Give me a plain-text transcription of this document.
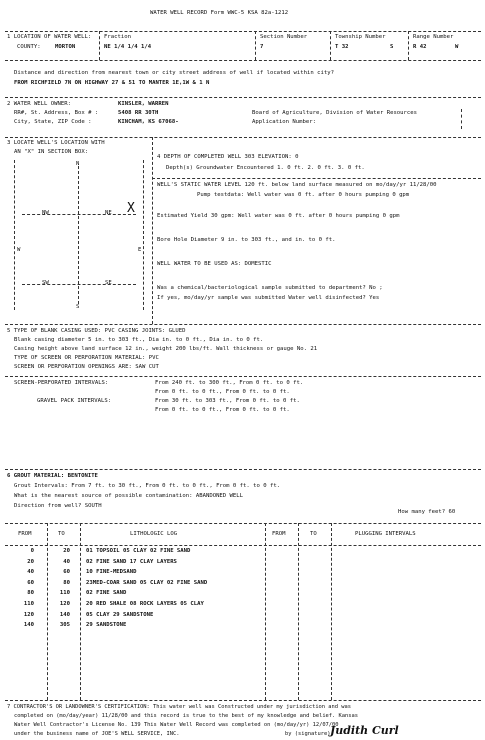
WATER WELL RECORD Form WWC-5 KSA 82a-1212
1 LOCATION OF WATER WELL:
COUNTY:	MORTON
Fraction
NE 1/4 1/4 1/4
Section Number
7
Township Number
T 32	S
Range Number
R 42	W
Distance and direction from nearest town or city street address of well if located within city?
FROM RICHFIELD 7N ON HIGHWAY 27 & 51 TO MANTER 1E,1W & 1 N
2 WATER WELL OWNER:	KINSLER, WARREN
RR#, St. Address, Box # :	5408 RR 30TH
City, State, ZIP Code :	KINCHAM, KS 67068-
Board of Agriculture, Division of Water Resources
Application Number:
3 LOCATE WELL'S LOCATION WITH
AN "X" IN SECTION BOX:
NW	NE
SW	SE
N
S
W	E
X
4 DEPTH OF COMPLETED WELL 303 ELEVATION: 0
Depth(s) Groundwater Encountered 1. 0 ft. 2. 0 ft. 3. 0 ft.
WELL'S STATIC WATER LEVEL 120 ft. below land surface measured on mo/day/yr 11/28/00
Pump testdata: Well water was 0 ft. after 0 hours pumping 0 gpm
Estimated Yield 30 gpm: Well water was 0 ft. after 0 hours pumping 0 gpm
Bore Hole Diameter 9 in. to 303 ft., and in. to 0 ft.
WELL WATER TO BE USED AS: DOMESTIC
Was a chemical/bacteriological sample submitted to department? No ;
If yes, mo/day/yr sample was submitted Water well disinfected? Yes
5 TYPE OF BLANK CASING USED: PVC CASING JOINTS: GLUED
Blank casing diameter 5 in. to 303 ft., Dia in. to 0 ft., Dia in. to 0 ft.
Casing height above land surface 12 in., weight 200 lbs/ft. Wall thickness or gauge No. 21
TYPE OF SCREEN OR PERFORATION MATERIAL: PVC
SCREEN OR PERFORATION OPENINGS ARE: SAW CUT
SCREEN-PERFORATED INTERVALS:	From 240 ft. to 300 ft., From 0 ft. to 0 ft.
From 0 ft. to 0 ft., From 0 ft. to 0 ft.
GRAVEL PACK INTERVALS:	From 30 ft. to 303 ft., From 0 ft. to 0 ft.
From 0 ft. to 0 ft., From 0 ft. to 0 ft.
6 GROUT MATERIAL: BENTONITE
Grout Intervals: From 7 ft. to 30 ft., From 0 ft. to 0 ft., From 0 ft. to 0 ft.
What is the nearest source of possible contamination: ABANDONED WELL
Direction from well? SOUTH
How many feet? 60
FROM	TO	LITHOLOGIC LOG	FROM	TO	PLUGGING INTERVALS
0	20	01 TOPSOIL 05 CLAY 02 FINE SAND
20	40	02 FINE SAND 17 CLAY LAYERS
40	60	10 FINE-MEDSAND
60	80	23MED-COAR SAND 05 CLAY 02 FINE SAND
80	110	02 FINE SAND
110	120	20 RED SHALE 08 ROCK LAYERS 05 CLAY
120	140	05 CLAY 29 SANDSTONE
140	305	29 SANDSTONE
7 CONTRACTOR'S OR LANDOWNER'S CERTIFICATION: This water well was Constructed under my jurisdiction and was
completed on (mo/day/year) 11/28/00 and this record is true to the best of my knowledge and belief. Kansas
Water Well Contractor's License No. 139 This Water Well Record was completed on (mo/day/yr) 12/07/00
under the business name of JOE'S WELL SERVICE, INC.	by (signature) Judith Curl
